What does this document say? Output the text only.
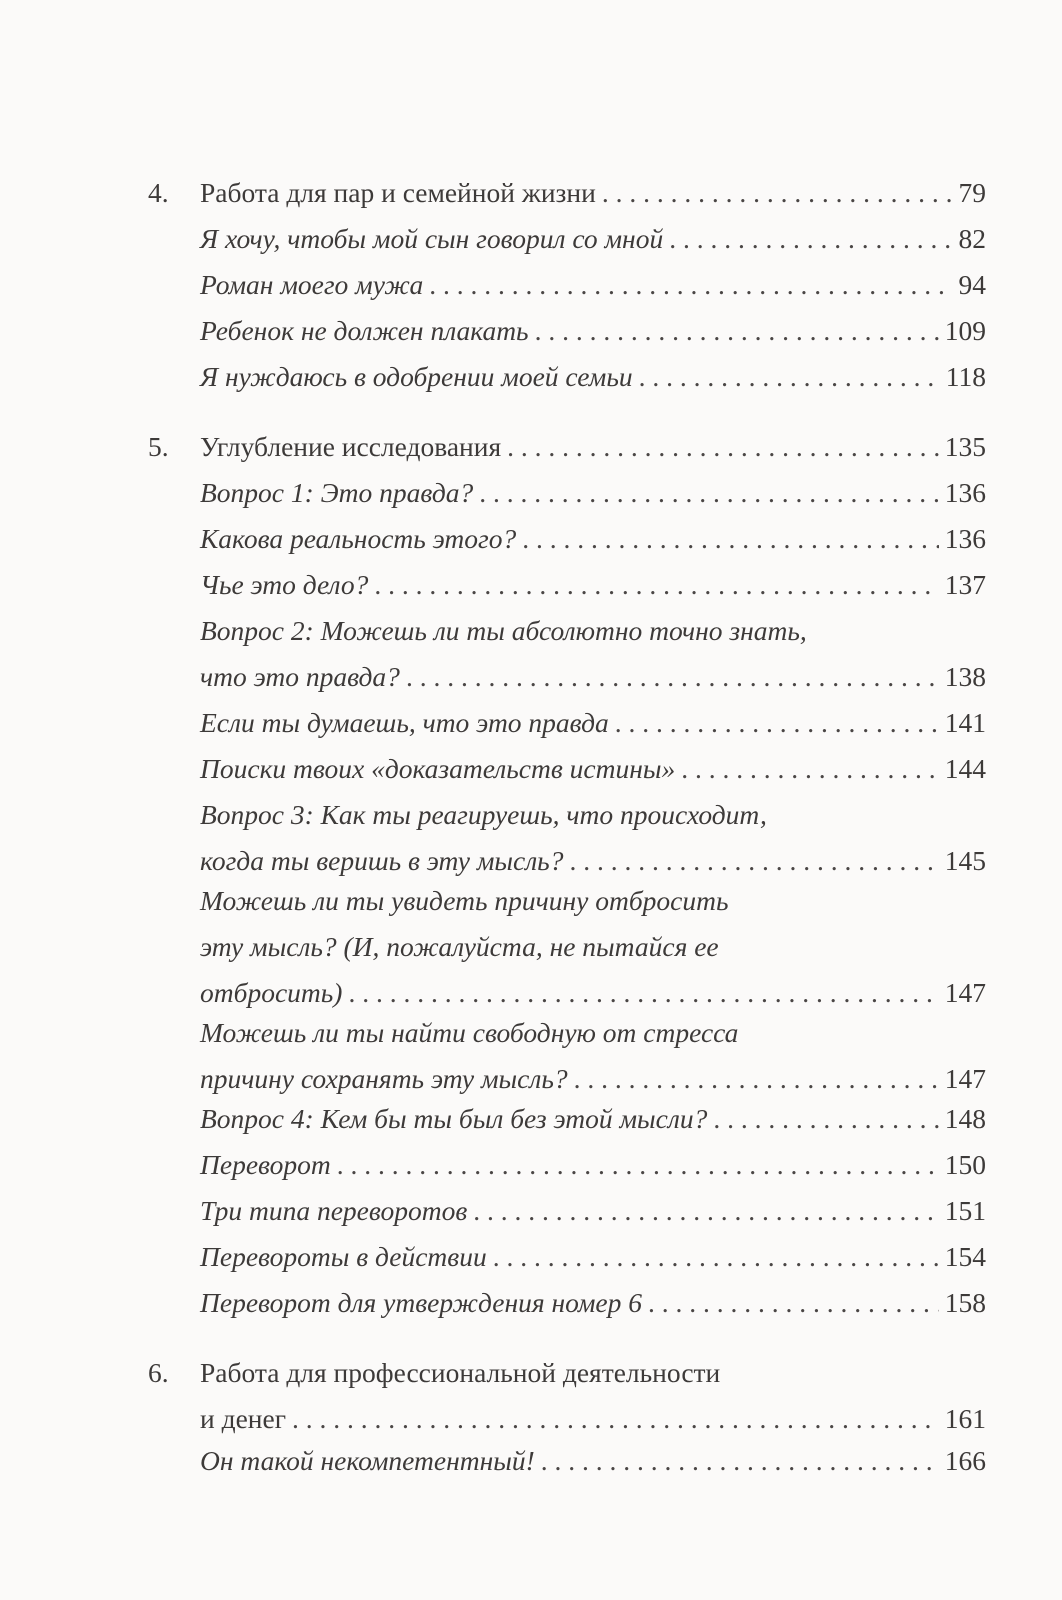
4.	Работа для пар и семейной жизни . . .	79
Я хочу, чтобы мой сын говорил со мной . . .	82
Роман моего мужа . . .	94
Ребенок не должен плакать . . .	109
Я нуждаюсь в одобрении моей семьи . . .	118
5.	Углубление исследования . . .	135
Вопрос 1: Это правда? . . .	136
Какова реальность этого? . . .	136
Чье это дело? . . .	137
Вопрос 2: Можешь ли ты абсолютно точно знать,
что это правда? . . .	138
Если ты думаешь, что это правда . . .	141
Поиски твоих «доказательств истины» . . .	144
Вопрос 3: Как ты реагируешь, что происходит,
когда ты веришь в эту мысль? . . .	145
Можешь ли ты увидеть причину отбросить
эту мысль? (И, пожалуйста, не пытайся ее
отбросить) . . .	147
Можешь ли ты найти свободную от стресса
причину сохранять эту мысль? . . .	147
Вопрос 4: Кем бы ты был без этой мысли? . . .	148
Переворот . . .	150
Три типа переворотов . . .	151
Перевороты в действии . . .	154
Переворот для утверждения номер 6 . . .	158
6.	Работа для профессиональной деятельности
и денег . . .	161
Он такой некомпетентный! . . .	166
